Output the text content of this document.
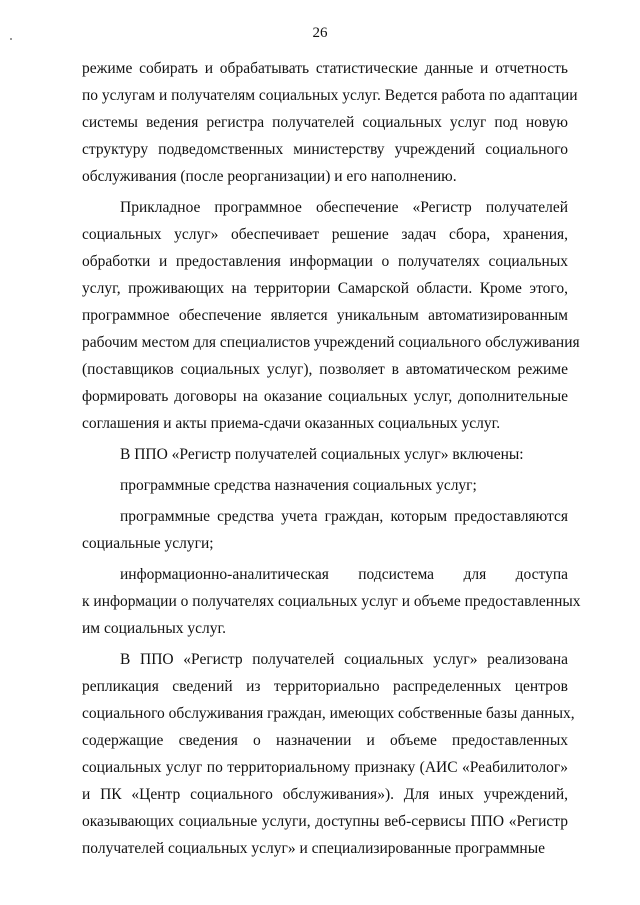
26
режиме собирать и обрабатывать статистические данные и отчетность
по услугам и получателям социальных услуг. Ведется работа по адаптации
системы ведения регистра получателей социальных услуг под новую
структуру подведомственных министерству учреждений социального
обслуживания (после реорганизации) и его наполнению.
Прикладное программное обеспечение «Регистр получателей
социальных услуг» обеспечивает решение задач сбора, хранения,
обработки и предоставления информации о получателях социальных
услуг, проживающих на территории Самарской области. Кроме этого,
программное обеспечение является уникальным автоматизированным
рабочим местом для специалистов учреждений социального обслуживания
(поставщиков социальных услуг), позволяет в автоматическом режиме
формировать договоры на оказание социальных услуг, дополнительные
соглашения и акты приема-сдачи оказанных социальных услуг.
В ППО «Регистр получателей социальных услуг» включены:
программные средства назначения социальных услуг;
программные средства учета граждан, которым предоставляются
социальные услуги;
информационно-аналитическая подсистема для доступа
к информации о получателях социальных услуг и объеме предоставленных
им социальных услуг.
В ППО «Регистр получателей социальных услуг» реализована
репликация сведений из территориально распределенных центров
социального обслуживания граждан, имеющих собственные базы данных,
содержащие сведения о назначении и объеме предоставленных
социальных услуг по территориальному признаку (АИС «Реабилитолог»
и ПК «Центр социального обслуживания»). Для иных учреждений,
оказывающих социальные услуги, доступны веб-сервисы ППО «Регистр
получателей социальных услуг» и специализированные программные
